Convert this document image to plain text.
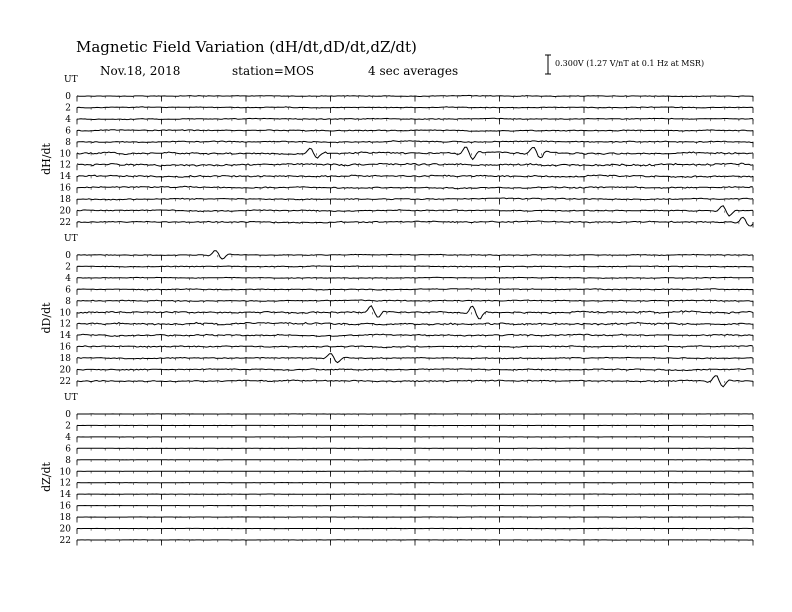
Magnetic Field Variation (dH/dt,dD/dt,dZ/dt)
Nov.18, 2018	station=MOS	4 sec averages
0.300V (1.27 V/nT at 0.1 Hz at MSR)
UT
dH/dt
0
2
4
6
8
10
12
14
16
18
20
22
UT
dD/dt
0
2
4
6
8
10
12
14
16
18
20
22
UT
dZ/dt
0
2
4
6
8
10
12
14
16
18
20
22
